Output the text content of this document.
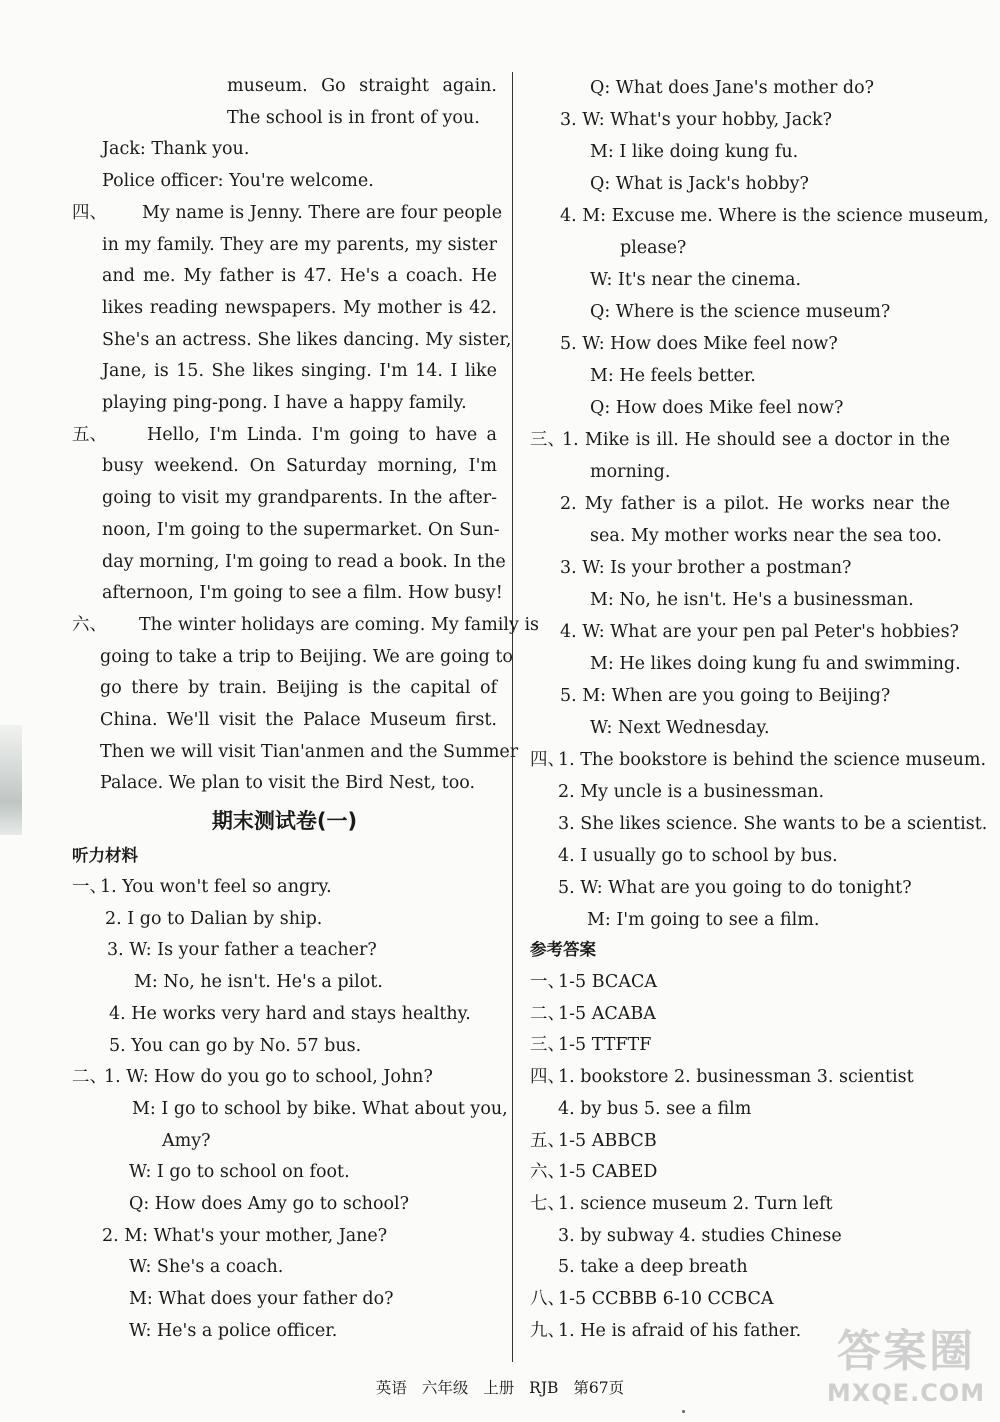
期末测试卷(一)
听力材料
museum. Go straight again.
The school is in front of you.
Jack: Thank you.
Police officer: You're welcome.
四、 My name is Jenny. There are four people
in my family. They are my parents, my sister
and me. My father is 47. He's a coach. He
likes reading newspapers. My mother is 42.
She's an actress. She likes dancing. My sister,
Jane, is 15. She likes singing. I'm 14. I like
playing ping-pong. I have a happy family.
五、 Hello, I'm Linda. I'm going to have a
busy weekend. On Saturday morning, I'm
going to visit my grandparents. In the after-
noon, I'm going to the supermarket. On Sun-
day morning, I'm going to read a book. In the
afternoon, I'm going to see a film. How busy!
六、 The winter holidays are coming. My family is
going to take a trip to Beijing. We are going to
go there by train. Beijing is the capital of
China. We'll visit the Palace Museum first.
Then we will visit Tian'anmen and the Summer
Palace. We plan to visit the Bird Nest, too.
一、
1. You won't feel so angry.
2. I go to Dalian by ship.
3. W: Is your father a teacher?
M: No, he isn't. He's a pilot.
4. He works very hard and stays healthy.
5. You can go by No. 57 bus.
二、
1. W: How do you go to school, John?
M: I go to school by bike. What about you,
Amy?
W: I go to school on foot.
Q: How does Amy go to school?
2. M: What's your mother, Jane?
W: She's a coach.
M: What does your father do?
W: He's a police officer.
参考答案
Q: What does Jane's mother do?
3. W: What's your hobby, Jack?
M: I like doing kung fu.
Q: What is Jack's hobby?
4. M: Excuse me. Where is the science museum,
please?
W: It's near the cinema.
Q: Where is the science museum?
5. W: How does Mike feel now?
M: He feels better.
Q: How does Mike feel now?
三、
1. Mike is ill. He should see a doctor in the
morning.
2. My father is a pilot. He works near the
sea. My mother works near the sea too.
3. W: Is your brother a postman?
M: No, he isn't. He's a businessman.
4. W: What are your pen pal Peter's hobbies?
M: He likes doing kung fu and swimming.
5. M: When are you going to Beijing?
W: Next Wednesday.
四、
1. The bookstore is behind the science museum.
2. My uncle is a businessman.
3. She likes science. She wants to be a scientist.
4. I usually go to school by bus.
5. W: What are you going to do tonight?
M: I'm going to see a film.
一、
1-5 BCACA
二、
1-5 ACABA
三、
1-5 TTFTF
四、
1. bookstore 2. businessman 3. scientist
4. by bus 5. see a film
五、
1-5 ABBCB
六、
1-5 CABED
七、
1. science museum 2. Turn left
3. by subway 4. studies Chinese
5. take a deep breath
八、
1-5 CCBBB 6-10 CCBCA
九、
1. He is afraid of his father.
英语 六年级 上册 RJB 第67页
答案圈
MXQE.COM
